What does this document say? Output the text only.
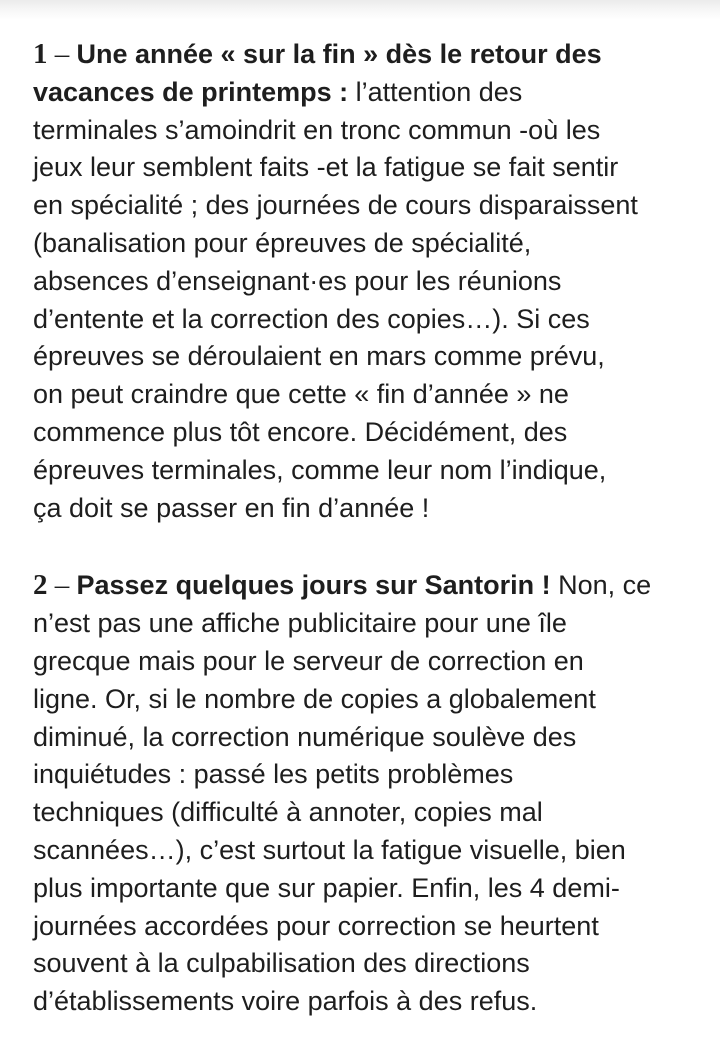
1 – Une année « sur la fin » dès le retour des
vacances de printemps : l’attention des
terminales s’amoindrit en tronc commun -où les
jeux leur semblent faits -et la fatigue se fait sentir
en spécialité ; des journées de cours disparaissent
(banalisation pour épreuves de spécialité,
absences d’enseignant·es pour les réunions
d’entente et la correction des copies…). Si ces
épreuves se déroulaient en mars comme prévu,
on peut craindre que cette « fin d’année » ne
commence plus tôt encore. Décidément, des
épreuves terminales, comme leur nom l’indique,
ça doit se passer en fin d’année !

2 – Passez quelques jours sur Santorin ! Non, ce
n’est pas une affiche publicitaire pour une île
grecque mais pour le serveur de correction en
ligne. Or, si le nombre de copies a globalement
diminué, la correction numérique soulève des
inquiétudes : passé les petits problèmes
techniques (difficulté à annoter, copies mal
scannées…), c’est surtout la fatigue visuelle, bien
plus importante que sur papier. Enfin, les 4 demi-
journées accordées pour correction se heurtent
souvent à la culpabilisation des directions
d’établissements voire parfois à des refus.
